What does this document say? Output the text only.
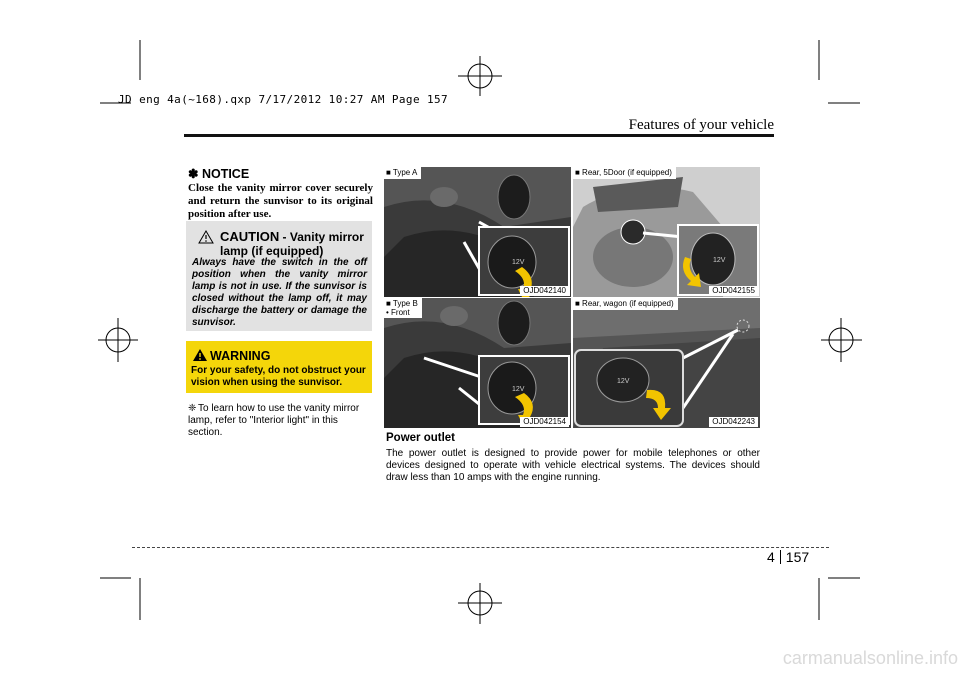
JD eng 4a(~168).qxp 7/17/2012 10:27 AM Page 157
Features of your vehicle
✽ NOTICE
Close the vanity mirror cover securely and return the sunvisor to its original position after use.
CAUTION - Vanity mirror lamp (if equipped)
Always have the switch in the off position when the vanity mirror lamp is not in use. If the sunvisor is closed without the lamp off, it may discharge the battery or damage the sunvisor.
WARNING
For your safety, do not obstruct your vision when using the sunvisor.
❈ To learn how to use the vanity mirror lamp, refer to "Interior light" in this section.
■ Type A
12V
OJD042140
■ Rear, 5Door (if equipped)
12V
OJD042155
■ Type B
• Front
12V
OJD042154
■ Rear, wagon (if equipped)
12V
OJD042243
Power outlet
The power outlet is designed to provide power for mobile telephones or other devices designed to operate with vehicle electrical systems. The devices should draw less than 10 amps with the engine running.
4 157
carmanualsonline.info
